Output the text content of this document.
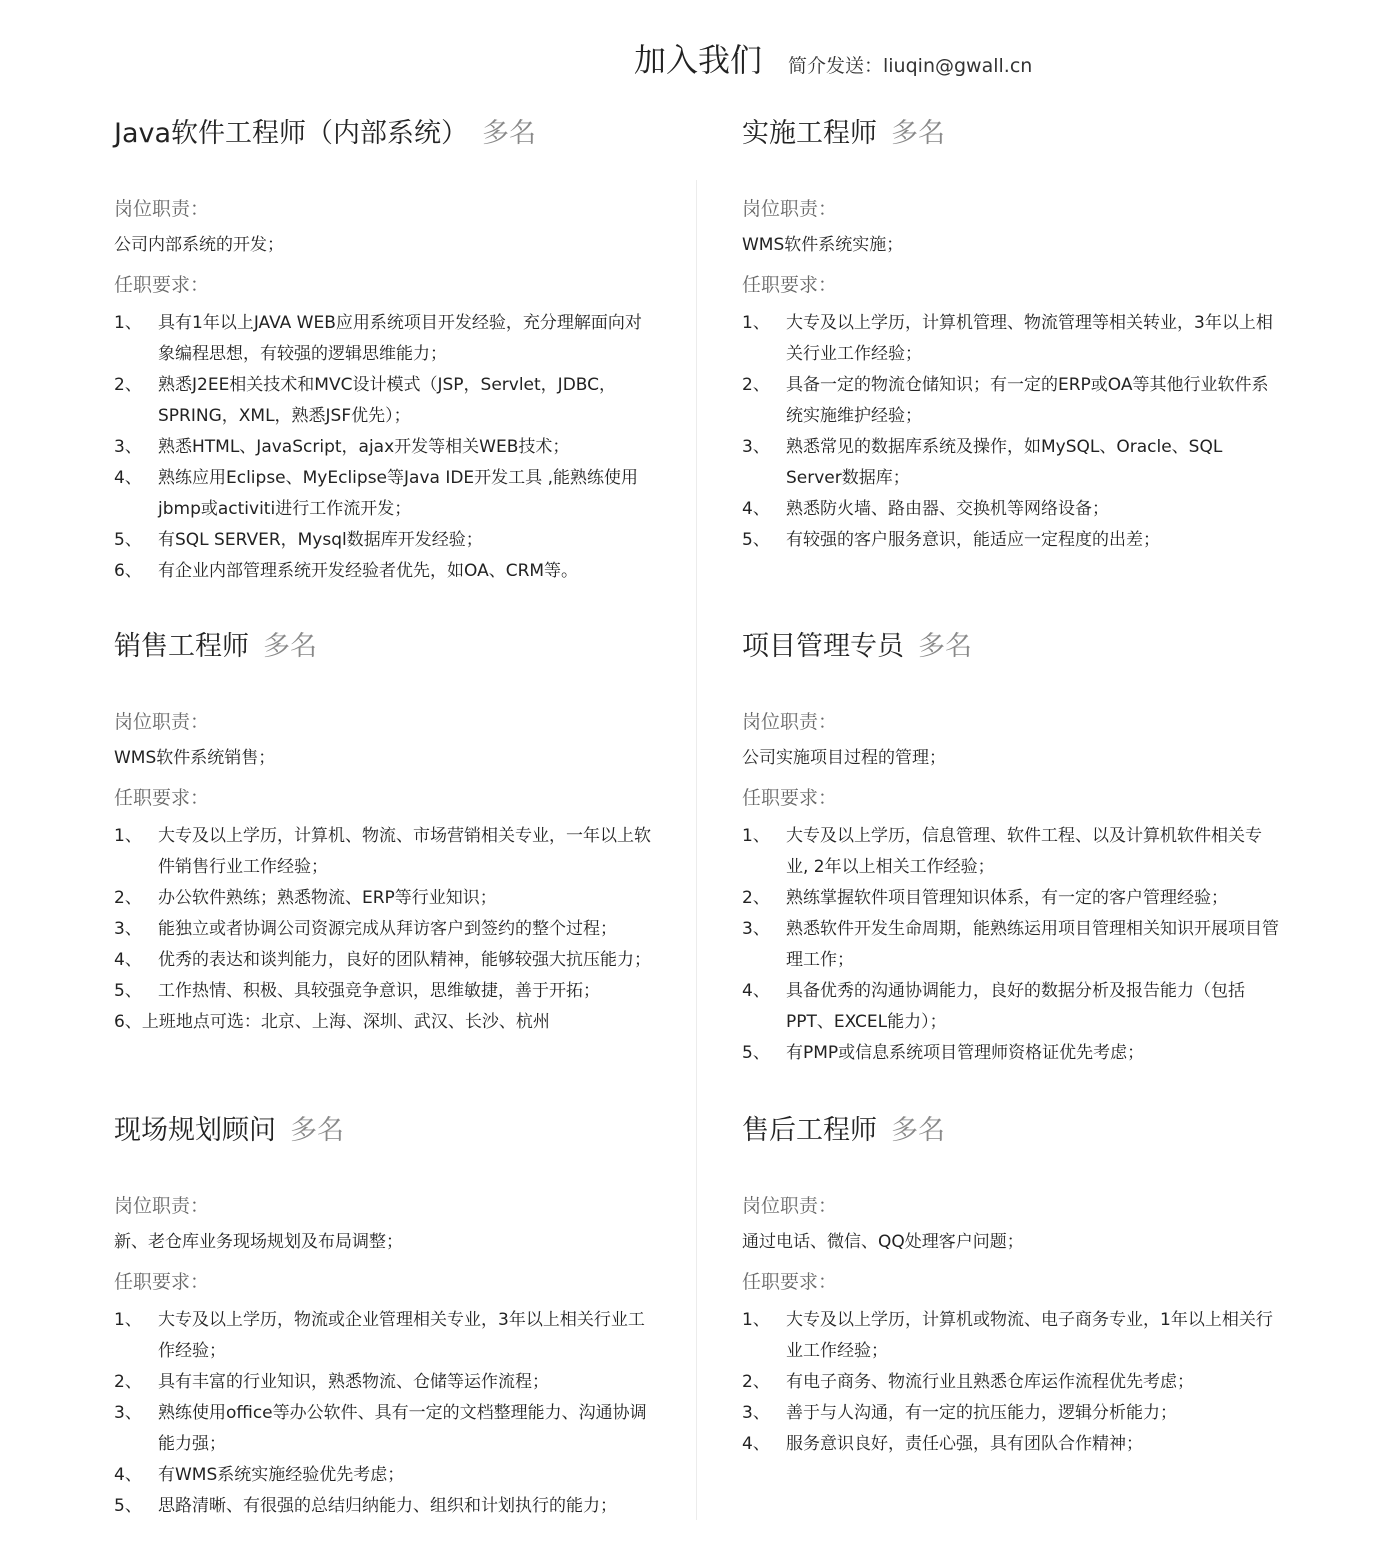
加入我们 简介发送：liuqin@gwall.cn
Java软件工程师（内部系统） 多名
岗位职责：
公司内部系统的开发；
任职要求：
1、 具有1年以上JAVA WEB应用系统项目开发经验，充分理解面向对象编程思想，有较强的逻辑思维能力；
2、 熟悉J2EE相关技术和MVC设计模式（JSP，Servlet，JDBC，SPRING，XML，熟悉JSF优先）；
3、 熟悉HTML、JavaScript，ajax开发等相关WEB技术；
4、 熟练应用Eclipse、MyEclipse等Java IDE开发工具 ,能熟练使用jbmp或activiti进行工作流开发；
5、 有SQL SERVER，Mysql数据库开发经验；
6、 有企业内部管理系统开发经验者优先，如OA、CRM等。
销售工程师 多名
岗位职责：
WMS软件系统销售；
任职要求：
1、 大专及以上学历，计算机、物流、市场营销相关专业，一年以上软件销售行业工作经验；
2、 办公软件熟练；熟悉物流、ERP等行业知识；
3、 能独立或者协调公司资源完成从拜访客户到签约的整个过程；
4、 优秀的表达和谈判能力，良好的团队精神，能够较强大抗压能力；
5、 工作热情、积极、具较强竞争意识，思维敏捷，善于开拓；
6、上班地点可选：北京、上海、深圳、武汉、长沙、杭州
现场规划顾问 多名
岗位职责：
新、老仓库业务现场规划及布局调整；
任职要求：
1、 大专及以上学历，物流或企业管理相关专业，3年以上相关行业工作经验；
2、 具有丰富的行业知识，熟悉物流、仓储等运作流程；
3、 熟练使用office等办公软件、具有一定的文档整理能力、沟通协调能力强；
4、 有WMS系统实施经验优先考虑；
5、 思路清晰、有很强的总结归纳能力、组织和计划执行的能力；
实施工程师 多名
岗位职责：
WMS软件系统实施；
任职要求：
1、 大专及以上学历，计算机管理、物流管理等相关转业，3年以上相关行业工作经验；
2、 具备一定的物流仓储知识；有一定的ERP或OA等其他行业软件系统实施维护经验；
3、 熟悉常见的数据库系统及操作，如MySQL、Oracle、SQL Server数据库；
4、 熟悉防火墙、路由器、交换机等网络设备；
5、 有较强的客户服务意识，能适应一定程度的出差；
项目管理专员 多名
岗位职责：
公司实施项目过程的管理；
任职要求：
1、 大专及以上学历，信息管理、软件工程、以及计算机软件相关专业, 2年以上相关工作经验；
2、 熟练掌握软件项目管理知识体系，有一定的客户管理经验；
3、 熟悉软件开发生命周期，能熟练运用项目管理相关知识开展项目管理工作；
4、 具备优秀的沟通协调能力，良好的数据分析及报告能力（包括 PPT、EXCEL能力）；
5、 有PMP或信息系统项目管理师资格证优先考虑；
售后工程师 多名
岗位职责：
通过电话、微信、QQ处理客户问题；
任职要求：
1、 大专及以上学历，计算机或物流、电子商务专业，1年以上相关行业工作经验；
2、 有电子商务、物流行业且熟悉仓库运作流程优先考虑；
3、 善于与人沟通，有一定的抗压能力，逻辑分析能力；
4、 服务意识良好，责任心强，具有团队合作精神；
